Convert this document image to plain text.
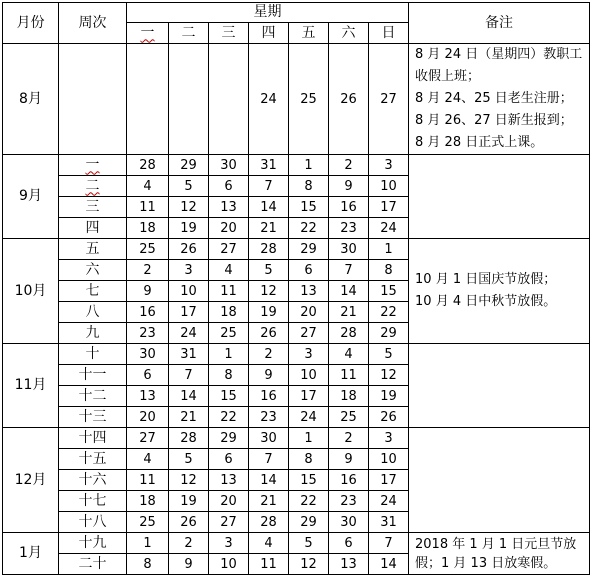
月份	周次	星期							备注
		一	二	三	四	五	六	日	
8月					24	25	26	27	8 月 24 日（星期四）教职工收假上班；
8 月 24、25 日老生注册；
8 月 26、27 日新生报到；
8 月 28 日正式上课。

9月	一	28	29	30	31	1	2	3	
	二	4	5	6	7	8	9	10	
	三	11	12	13	14	15	16	17	
	四	18	19	20	21	22	23	24	
10月	五	25	26	27	28	29	30	1	10 月 1 日国庆节放假；
10 月 4 日中秋节放假。

	六	2	3	4	5	6	7	8	
	七	9	10	11	12	13	14	15	
	八	16	17	18	19	20	21	22	
	九	23	24	25	26	27	28	29	
11月	十	30	31	1	2	3	4	5	
	十一	6	7	8	9	10	11	12	
	十二	13	14	15	16	17	18	19	
	十三	20	21	22	23	24	25	26	
12月	十四	27	28	29	30	1	2	3	
	十五	4	5	6	7	8	9	10	
	十六	11	12	13	14	15	16	17	
	十七	18	19	20	21	22	23	24	
	十八	25	26	27	28	29	30	31	
1月	十九	1	2	3	4	5	6	7	2018 年 1 月 1 日元旦节放假；1 月 13 日放寒假。

	二十	8	9	10	11	12	13	14	
